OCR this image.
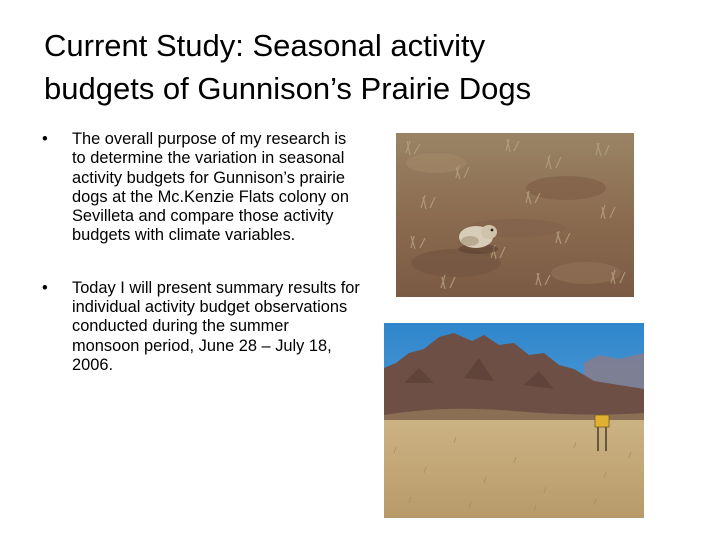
Current Study: Seasonal activity
budgets of Gunnison’s Prairie Dogs
• The overall purpose of my research is to determine the variation in seasonal activity budgets for Gunnison’s prairie dogs at the Mc.Kenzie Flats colony on Sevilleta and compare those activity budgets with climate variables.
• Today I will present summary results for individual activity budget observations conducted during the summer monsoon period, June 28 – July 18, 2006.
